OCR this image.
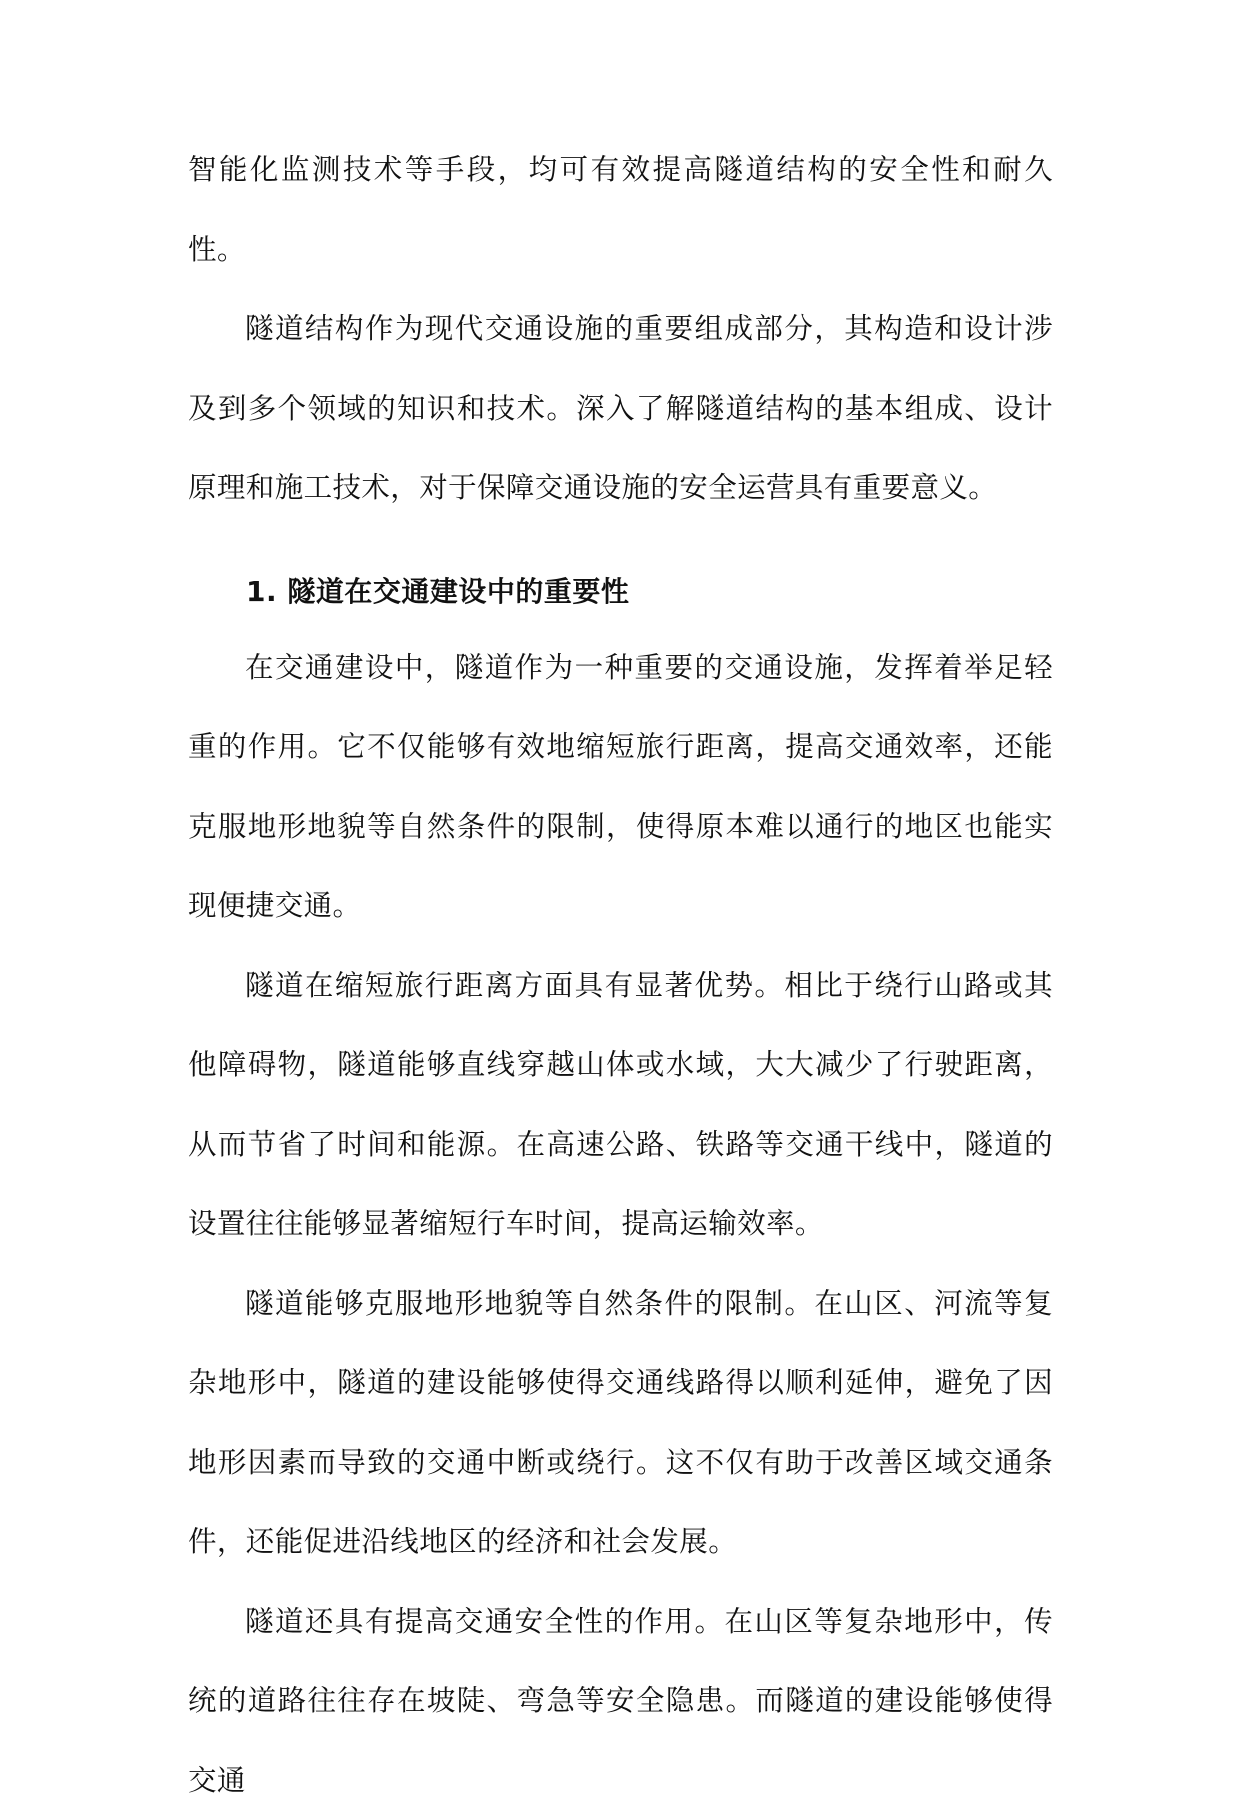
智能化监测技术等手段，均可有效提高隧道结构的安全性和耐久性。

隧道结构作为现代交通设施的重要组成部分，其构造和设计涉及到多个领域的知识和技术。深入了解隧道结构的基本组成、设计原理和施工技术，对于保障交通设施的安全运营具有重要意义。

1. 隧道在交通建设中的重要性

在交通建设中，隧道作为一种重要的交通设施，发挥着举足轻重的作用。它不仅能够有效地缩短旅行距离，提高交通效率，还能克服地形地貌等自然条件的限制，使得原本难以通行的地区也能实现便捷交通。

隧道在缩短旅行距离方面具有显著优势。相比于绕行山路或其他障碍物，隧道能够直线穿越山体或水域，大大减少了行驶距离，从而节省了时间和能源。在高速公路、铁路等交通干线中，隧道的设置往往能够显著缩短行车时间，提高运输效率。

隧道能够克服地形地貌等自然条件的限制。在山区、河流等复杂地形中，隧道的建设能够使得交通线路得以顺利延伸，避免了因地形因素而导致的交通中断或绕行。这不仅有助于改善区域交通条件，还能促进沿线地区的经济和社会发展。

隧道还具有提高交通安全性的作用。在山区等复杂地形中，传统的道路往往存在坡陡、弯急等安全隐患。而隧道的建设能够使得交通
